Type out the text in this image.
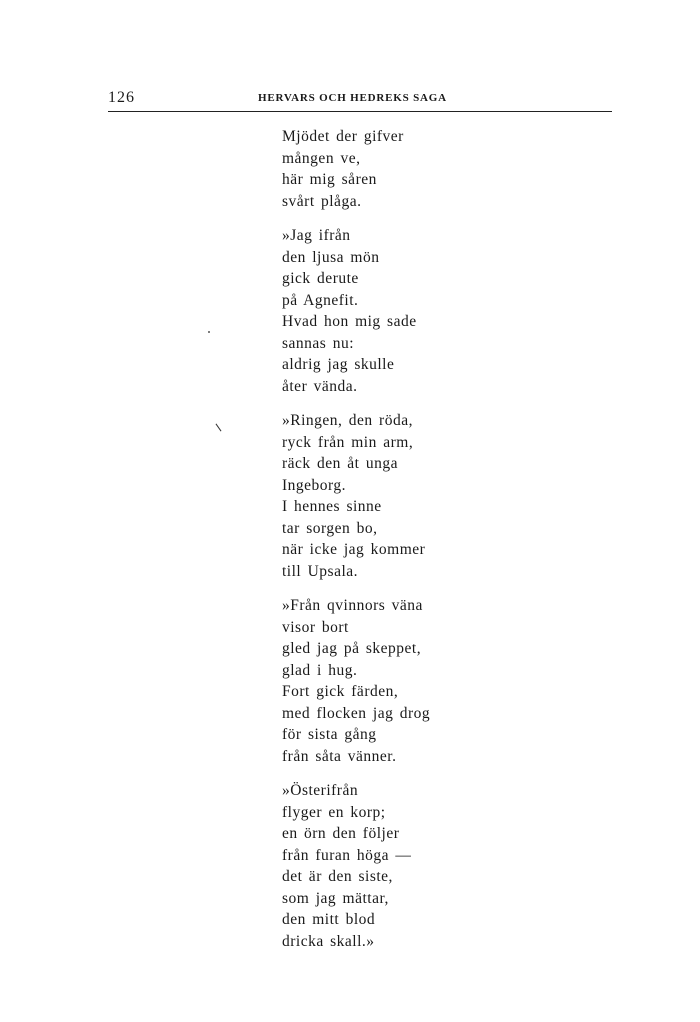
126	HERVARS OCH HEDREKS SAGA
Mjödet der gifver
mången ve,
här mig såren
svårt plåga.
»Jag ifrån
den ljusa mön
gick derute
på Agnefit.
Hvad hon mig sade
sannas nu:
aldrig jag skulle
åter vända.
»Ringen, den röda,
ryck från min arm,
räck den åt unga
Ingeborg.
I hennes sinne
tar sorgen bo,
när icke jag kommer
till Upsala.
»Från qvinnors väna
visor bort
gled jag på skeppet,
glad i hug.
Fort gick färden,
med flocken jag drog
för sista gång
från såta vänner.
»Österifrån
flyger en korp;
en örn den följer
från furan höga —
det är den siste,
som jag mättar,
den mitt blod
dricka skall.»
